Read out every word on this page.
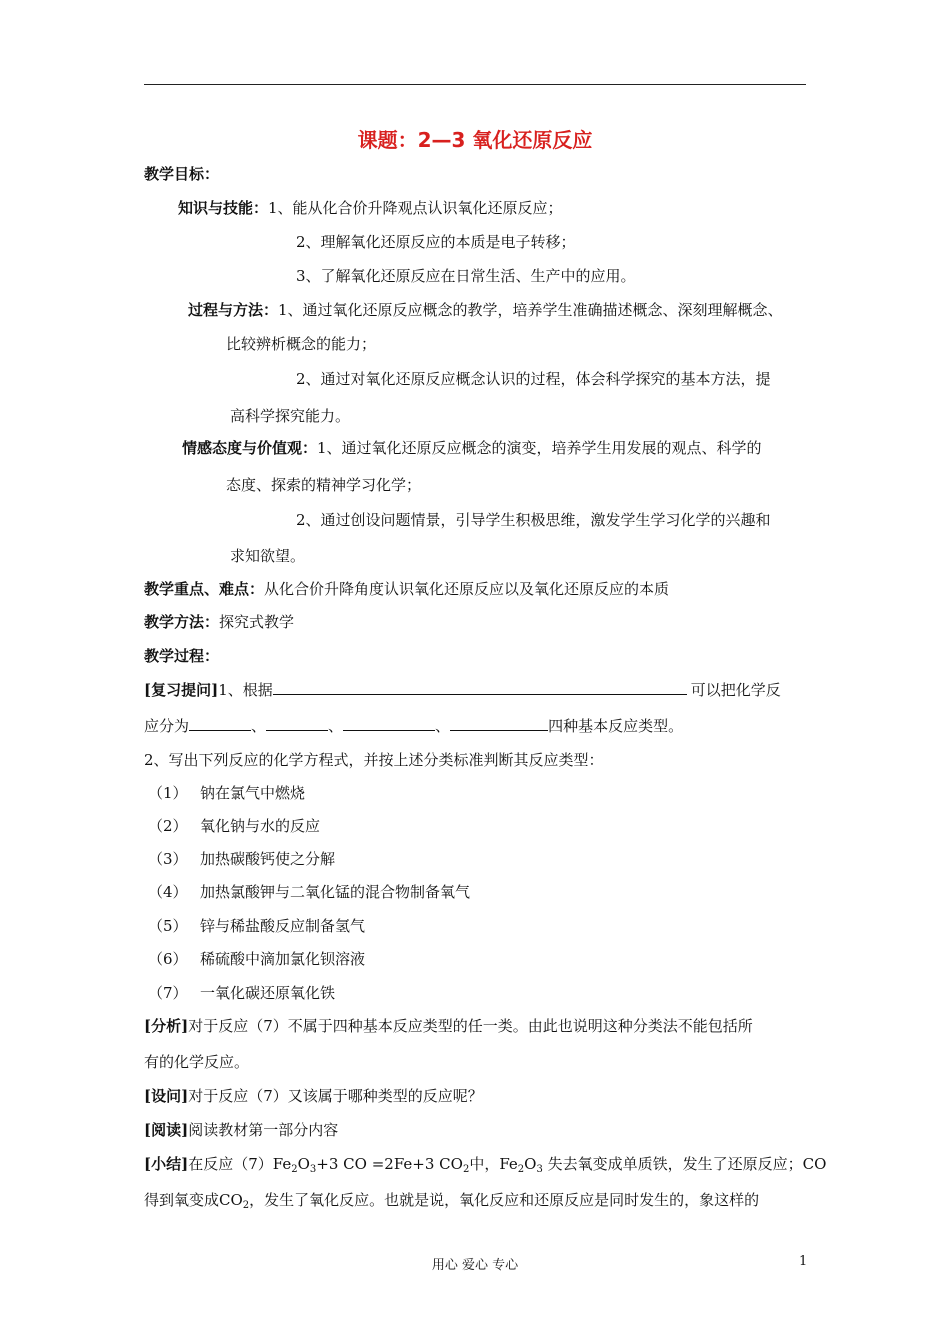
课题：2—3 氧化还原反应
教学目标：
知识与技能：1、能从化合价升降观点认识氧化还原反应；
2、理解氧化还原反应的本质是电子转移；
3、了解氧化还原反应在日常生活、生产中的应用。
过程与方法：1、通过氧化还原反应概念的教学，培养学生准确描述概念、深刻理解概念、
比较辨析概念的能力；
2、通过对氧化还原反应概念认识的过程，体会科学探究的基本方法，提
高科学探究能力。
情感态度与价值观：1、通过氧化还原反应概念的演变，培养学生用发展的观点、科学的
态度、探索的精神学习化学；
2、通过创设问题情景，引导学生积极思维，激发学生学习化学的兴趣和
求知欲望。
教学重点、难点：从化合价升降角度认识氧化还原反应以及氧化还原反应的本质
教学方法：探究式教学
教学过程：
[复习提问]1、根据	可以把化学反
应分为	、	、	、	四种基本反应类型。
2、写出下列反应的化学方程式，并按上述分类标准判断其反应类型：
（1） 钠在氯气中燃烧
（2） 氧化钠与水的反应
（3） 加热碳酸钙使之分解
（4） 加热氯酸钾与二氧化锰的混合物制备氧气
（5） 锌与稀盐酸反应制备氢气
（6） 稀硫酸中滴加氯化钡溶液
（7） 一氧化碳还原氧化铁
[分析]对于反应（7）不属于四种基本反应类型的任一类。由此也说明这种分类法不能包括所
有的化学反应。
[设问]对于反应（7）又该属于哪种类型的反应呢？
[阅读]阅读教材第一部分内容
[小结]在反应$(7)Fe_2O_3+3$ CO =2Fe+3 $CO_2$中，$Fe_2O_3$ 失去氧变成单质铁，发生了还原反应；CO
得到氧变成$CO_2$，发生了氧化反应。也就是说，氧化反应和还原反应是同时发生的，象这样的
用心 爱心 专心	1
